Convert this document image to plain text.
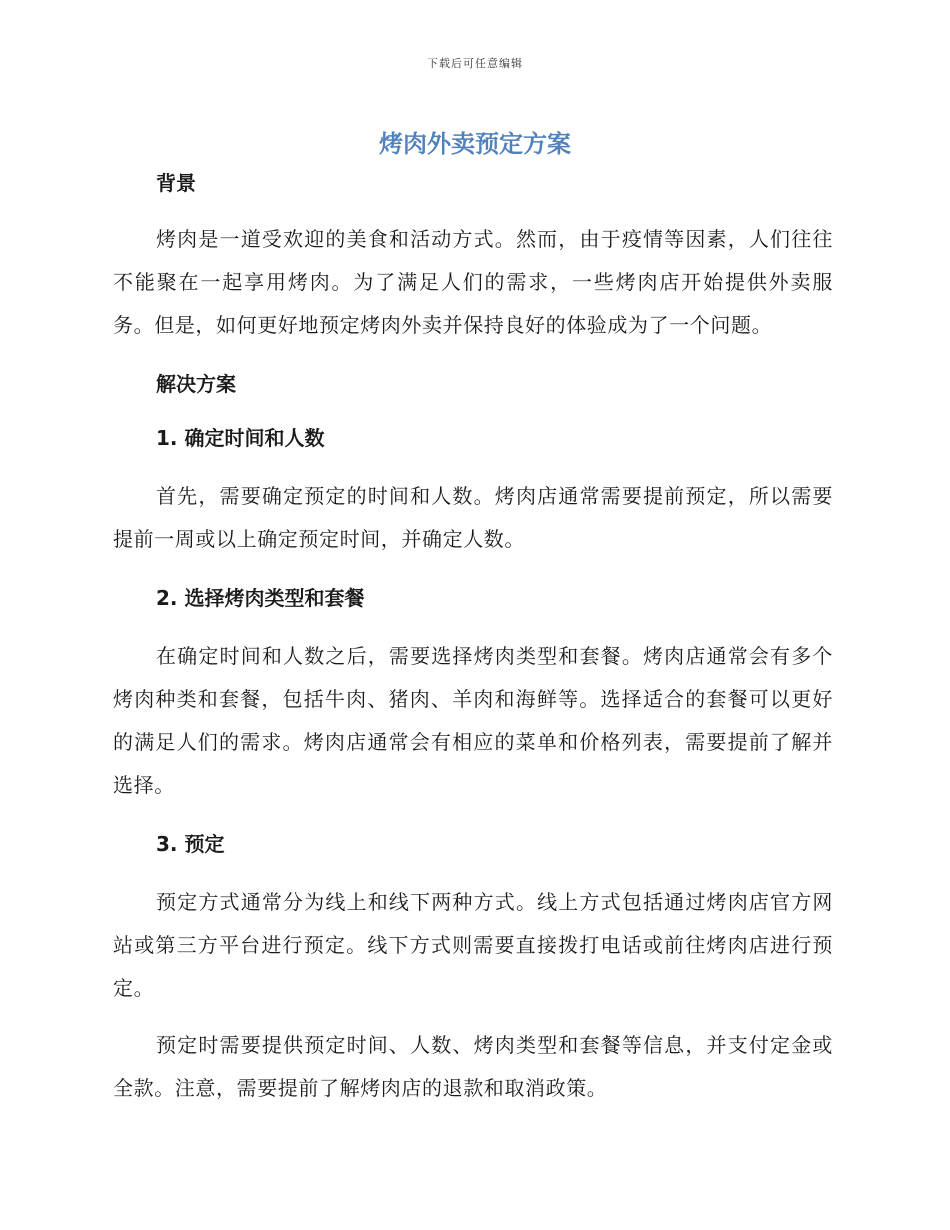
下载后可任意编辑
烤肉外卖预定方案

背景

烤肉是一道受欢迎的美食和活动方式。然而，由于疫情等因素，人们往往不能聚在一起享用烤肉。为了满足人们的需求，一些烤肉店开始提供外卖服务。但是，如何更好地预定烤肉外卖并保持良好的体验成为了一个问题。

解决方案

1. 确定时间和人数

首先，需要确定预定的时间和人数。烤肉店通常需要提前预定，所以需要提前一周或以上确定预定时间，并确定人数。

2. 选择烤肉类型和套餐

在确定时间和人数之后，需要选择烤肉类型和套餐。烤肉店通常会有多个烤肉种类和套餐，包括牛肉、猪肉、羊肉和海鲜等。选择适合的套餐可以更好的满足人们的需求。烤肉店通常会有相应的菜单和价格列表，需要提前了解并选择。

3. 预定

预定方式通常分为线上和线下两种方式。线上方式包括通过烤肉店官方网站或第三方平台进行预定。线下方式则需要直接拨打电话或前往烤肉店进行预定。

预定时需要提供预定时间、人数、烤肉类型和套餐等信息，并支付定金或全款。注意，需要提前了解烤肉店的退款和取消政策。
